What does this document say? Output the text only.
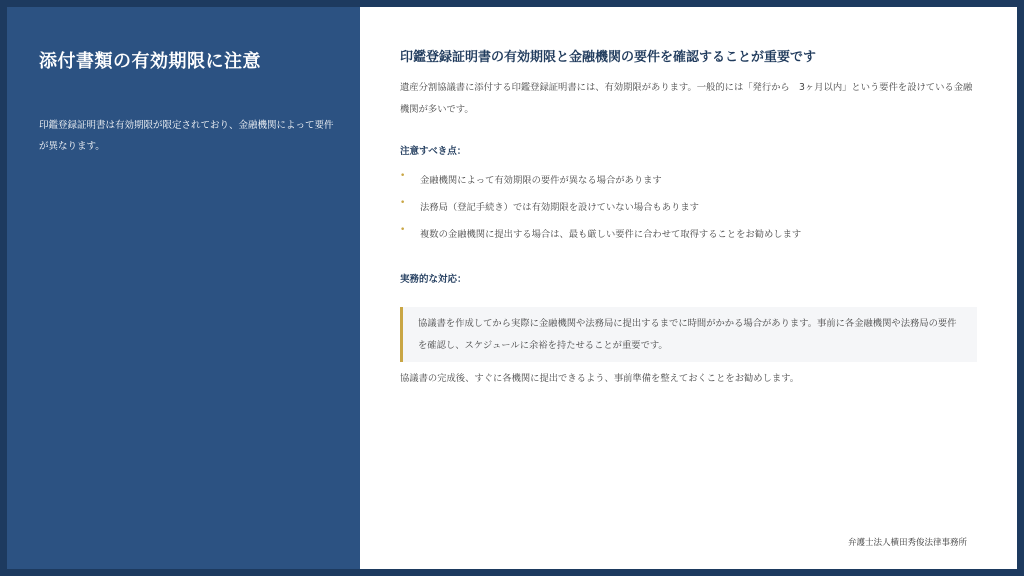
添付書類の有効期限に注意
印鑑登録証明書は有効期限が限定されており、金融機関によって要件が異なります。
印鑑登録証明書の有効期限と金融機関の要件を確認することが重要です
遺産分割協議書に添付する印鑑登録証明書には、有効期限があります。一般的には「発行から　3ヶ月以内」という要件を設けている金融機関が多いです。
注意すべき点：
• 金融機関によって有効期限の要件が異なる場合があります
• 法務局（登記手続き）では有効期限を設けていない場合もあります
• 複数の金融機関に提出する場合は、最も厳しい要件に合わせて取得することをお勧めします
実務的な対応：
協議書を作成してから実際に金融機関や法務局に提出するまでに時間がかかる場合があります。事前に各金融機関や法務局の要件を確認し、スケジュールに余裕を持たせることが重要です。
協議書の完成後、すぐに各機関に提出できるよう、事前準備を整えておくことをお勧めします。
弁護士法人横田秀俊法律事務所
